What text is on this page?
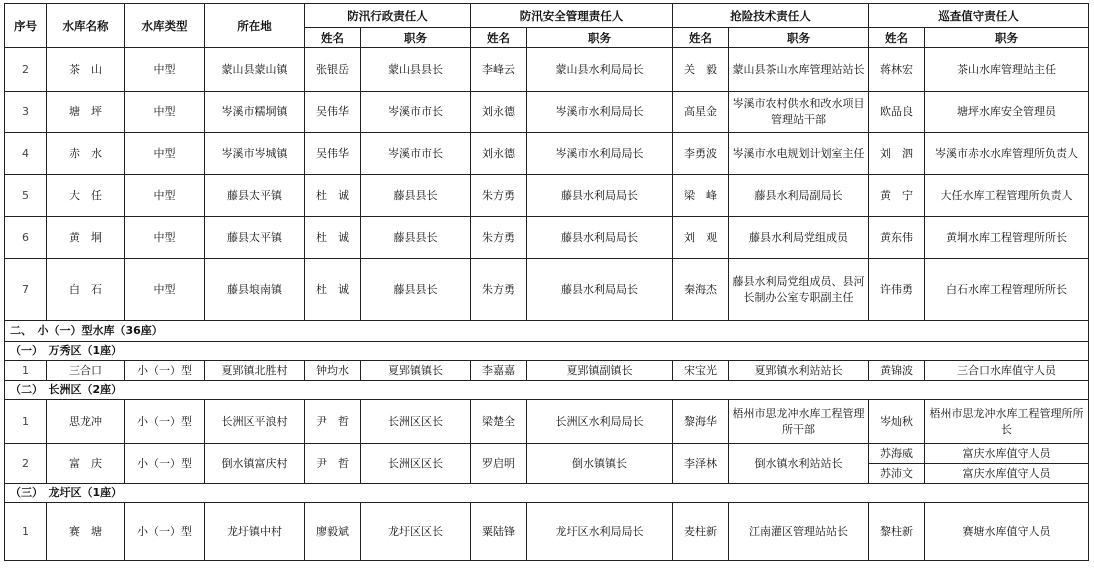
序号	水库名称	水库类型	所在地	防汛行政责任人		防汛安全管理责任人		抢险技术责任人		巡查值守责任人	
				姓名	职务	姓名	职务	姓名	职务	姓名	职务
2	茶　山	中型	蒙山县蒙山镇	张银岳	蒙山县县长	李峰云	蒙山县水利局局长	关　毅	蒙山县茶山水库管理站站长	蒋林宏	茶山水库管理站主任
3	塘　坪	中型	岑溪市糯垌镇	吴伟华	岑溪市市长	刘永德	岑溪市水利局局长	高星金	岑溪市农村供水和改水项目管理站干部	欧品良	塘坪水库安全管理员
4	赤　水	中型	岑溪市岑城镇	吴伟华	岑溪市市长	刘永德	岑溪市水利局局长	李勇波	岑溪市水电规划计划室主任	刘　泗	岑溪市赤水水库管理所负责人
5	大　任	中型	藤县太平镇	杜　诚	藤县县长	朱方勇	藤县水利局局长	梁　峰	藤县水利局副局长	黄　宁	大任水库工程管理所负责人
6	黄　垌	中型	藤县太平镇	杜　诚	藤县县长	朱方勇	藤县水利局局长	刘　观	藤县水利局党组成员	黄东伟	黄垌水库工程管理所所长
7	白　石	中型	藤县埌南镇	杜　诚	藤县县长	朱方勇	藤县水利局局长	秦海杰	藤县水利局党组成员、县河长制办公室专职副主任	许伟勇	白石水库工程管理所所长
二、　小（一）型水库（36座）											
（一）　万秀区（1座）											
1	三合口	小（一）型	夏郢镇北胜村	钟均水	夏郢镇镇长	李嘉嘉	夏郢镇副镇长	宋宝光	夏郢镇水利站站长	黄锦波	三合口水库值守人员
（二）　长洲区（2座）											
1	思龙冲	小（一）型	长洲区平浪村	尹　哲	长洲区区长	梁楚全	长洲区水利局局长	黎海华	梧州市思龙冲水库工程管理所干部	岑灿秋	梧州市思龙冲水库工程管理所所长
2	富　庆	小（一）型	倒水镇富庆村	尹　哲	长洲区区长	罗启明	倒水镇镇长	李泽林	倒水镇水利站站长	苏海威	富庆水库值守人员
										苏沛文	富庆水库值守人员
（三）　龙圩区（1座）											
1	赛　塘	小（一）型	龙圩镇中村	廖毅斌	龙圩区区长	粟陆锋	龙圩区水利局局长	麦柱新	江南灌区管理站站长	黎柱新	赛塘水库值守人员
